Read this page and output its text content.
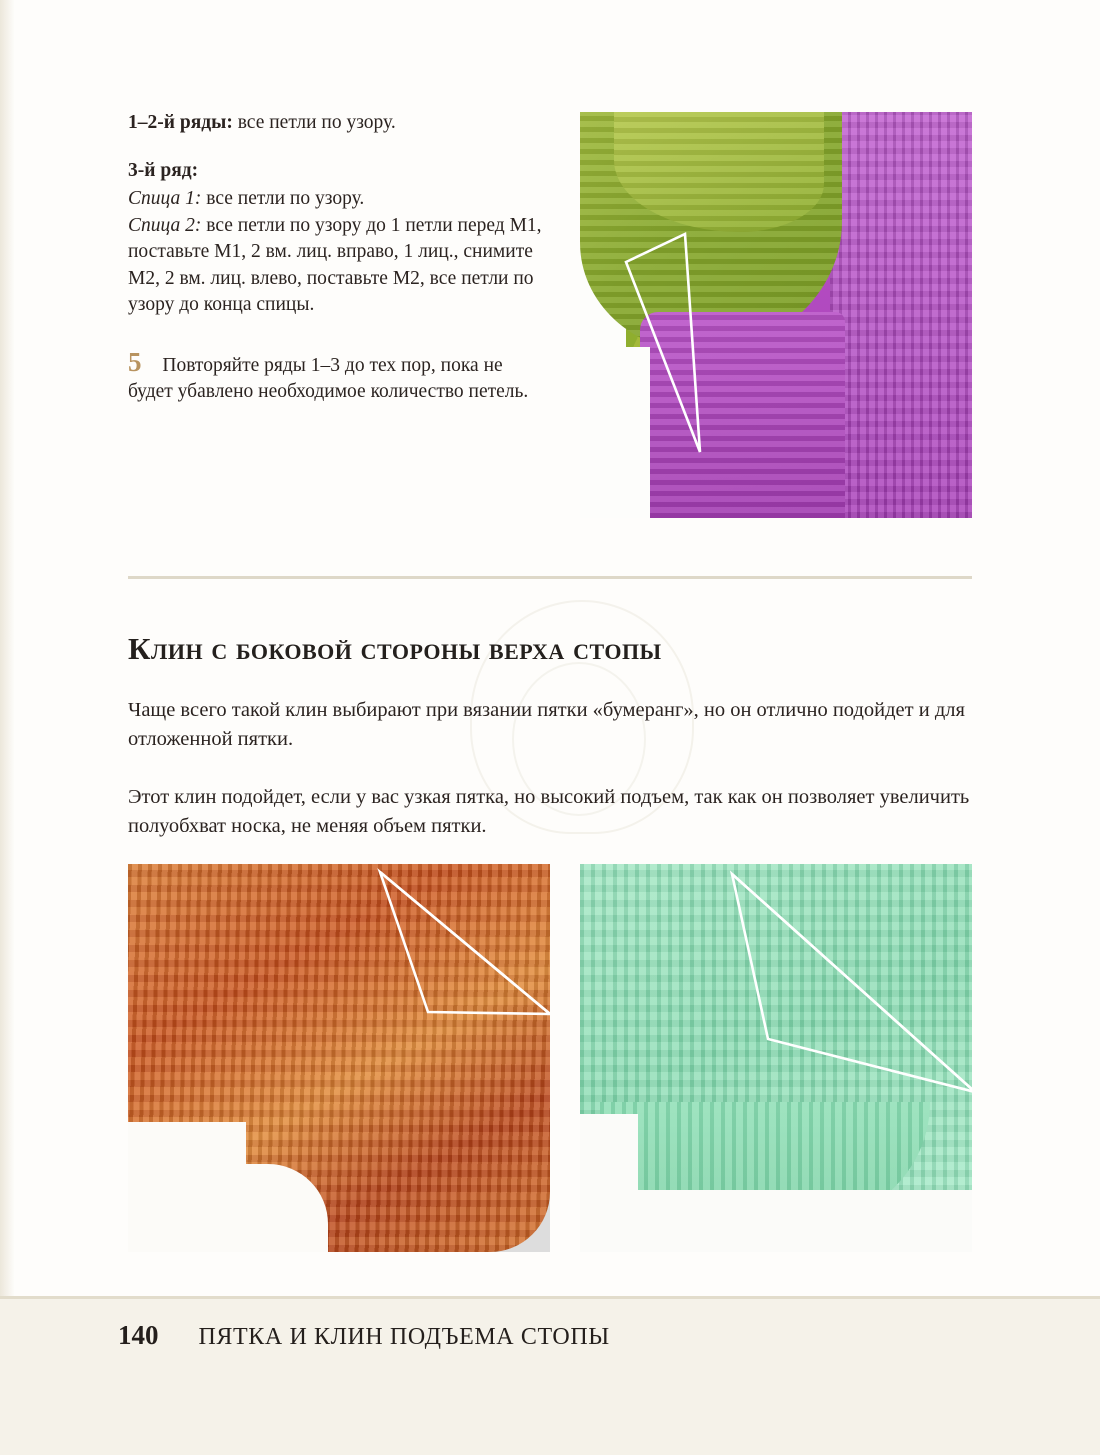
1–2-й ряды: все петли по узору.

3-й ряд:

Спица 1: все петли по узору.

Спица 2: все петли по узору до 1 петли перед М1, поставьте М1, 2 вм. лиц. вправо, 1 лиц., снимите М2, 2 вм. лиц. влево, поставьте М2, все петли по узору до конца спицы.

5 Повторяйте ряды 1–3 до тех пор, пока не будет убавлено необходимое количество петель.

Клин с боковой стороны верха стопы

Чаще всего такой клин выбирают при вязании пятки «бумеранг», но он отлично подойдет и для отложенной пятки.

Этот клин подойдет, если у вас узкая пятка, но высокий подъем, так как он позволяет увеличить полуобхват носка, не меняя объем пятки.

140 ПЯТКА И КЛИН ПОДЪЕМА СТОПЫ
